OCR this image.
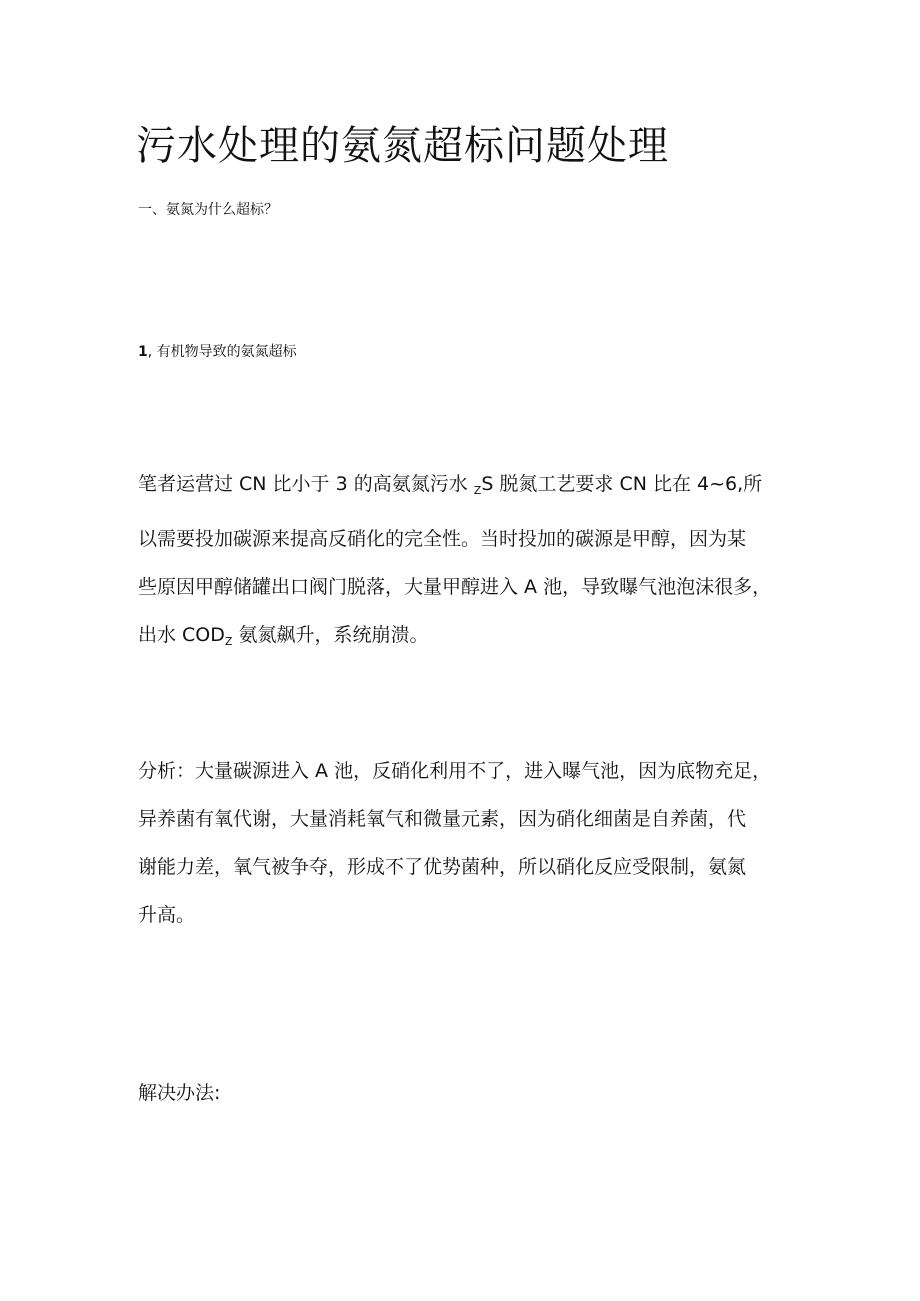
污水处理的氨氮超标问题处理
一、氨氮为什么超标？
1, 有机物导致的氨氮超标
笔者运营过 CN 比小于 3 的高氨氮污水 $_Z$S 脱氮工艺要求 CN 比在 4~6,所
以需要投加碳源来提高反硝化的完全性。当时投加的碳源是甲醇，因为某
些原因甲醇储罐出口阀门脱落，大量甲醇进入 A 池，导致曝气池泡沫很多，
出水 $COD_Z$ 氨氮飙升，系统崩溃。
分析：大量碳源进入 A 池，反硝化利用不了，进入曝气池，因为底物充足，
异养菌有氧代谢，大量消耗氧气和微量元素，因为硝化细菌是自养菌，代
谢能力差，氧气被争夺，形成不了优势菌种，所以硝化反应受限制，氨氮
升高。
解决办法:
